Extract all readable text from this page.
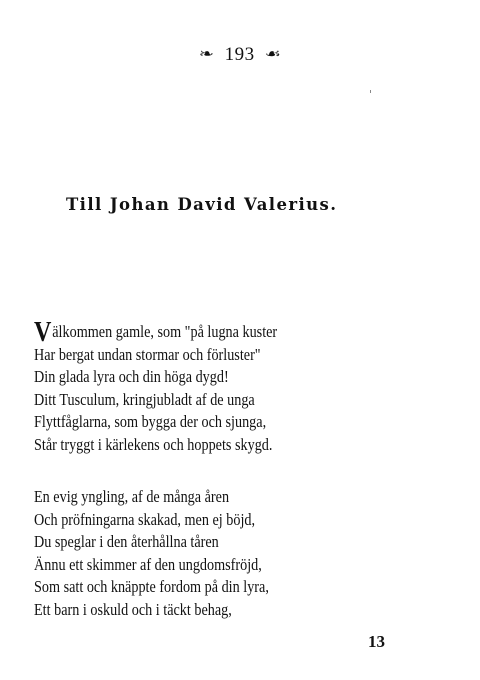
❧ 193 ☙
Till Johan David Valerius.
Välkommen gamle, som "på lugna kuster
Har bergat undan stormar och förluster"
Din glada lyra och din höga dygd!
Ditt Tusculum, kringjubladt af de unga
Flyttfåglarna, som bygga der och sjunga,
Står tryggt i kärlekens och hoppets skygd.
En evig yngling, af de många åren
Och pröfningarna skakad, men ej böjd,
Du speglar i den återhållna tåren
Ännu ett skimmer af den ungdomsfröjd,
Som satt och knäppte fordom på din lyra,
Ett barn i oskuld och i täckt behag,
13
